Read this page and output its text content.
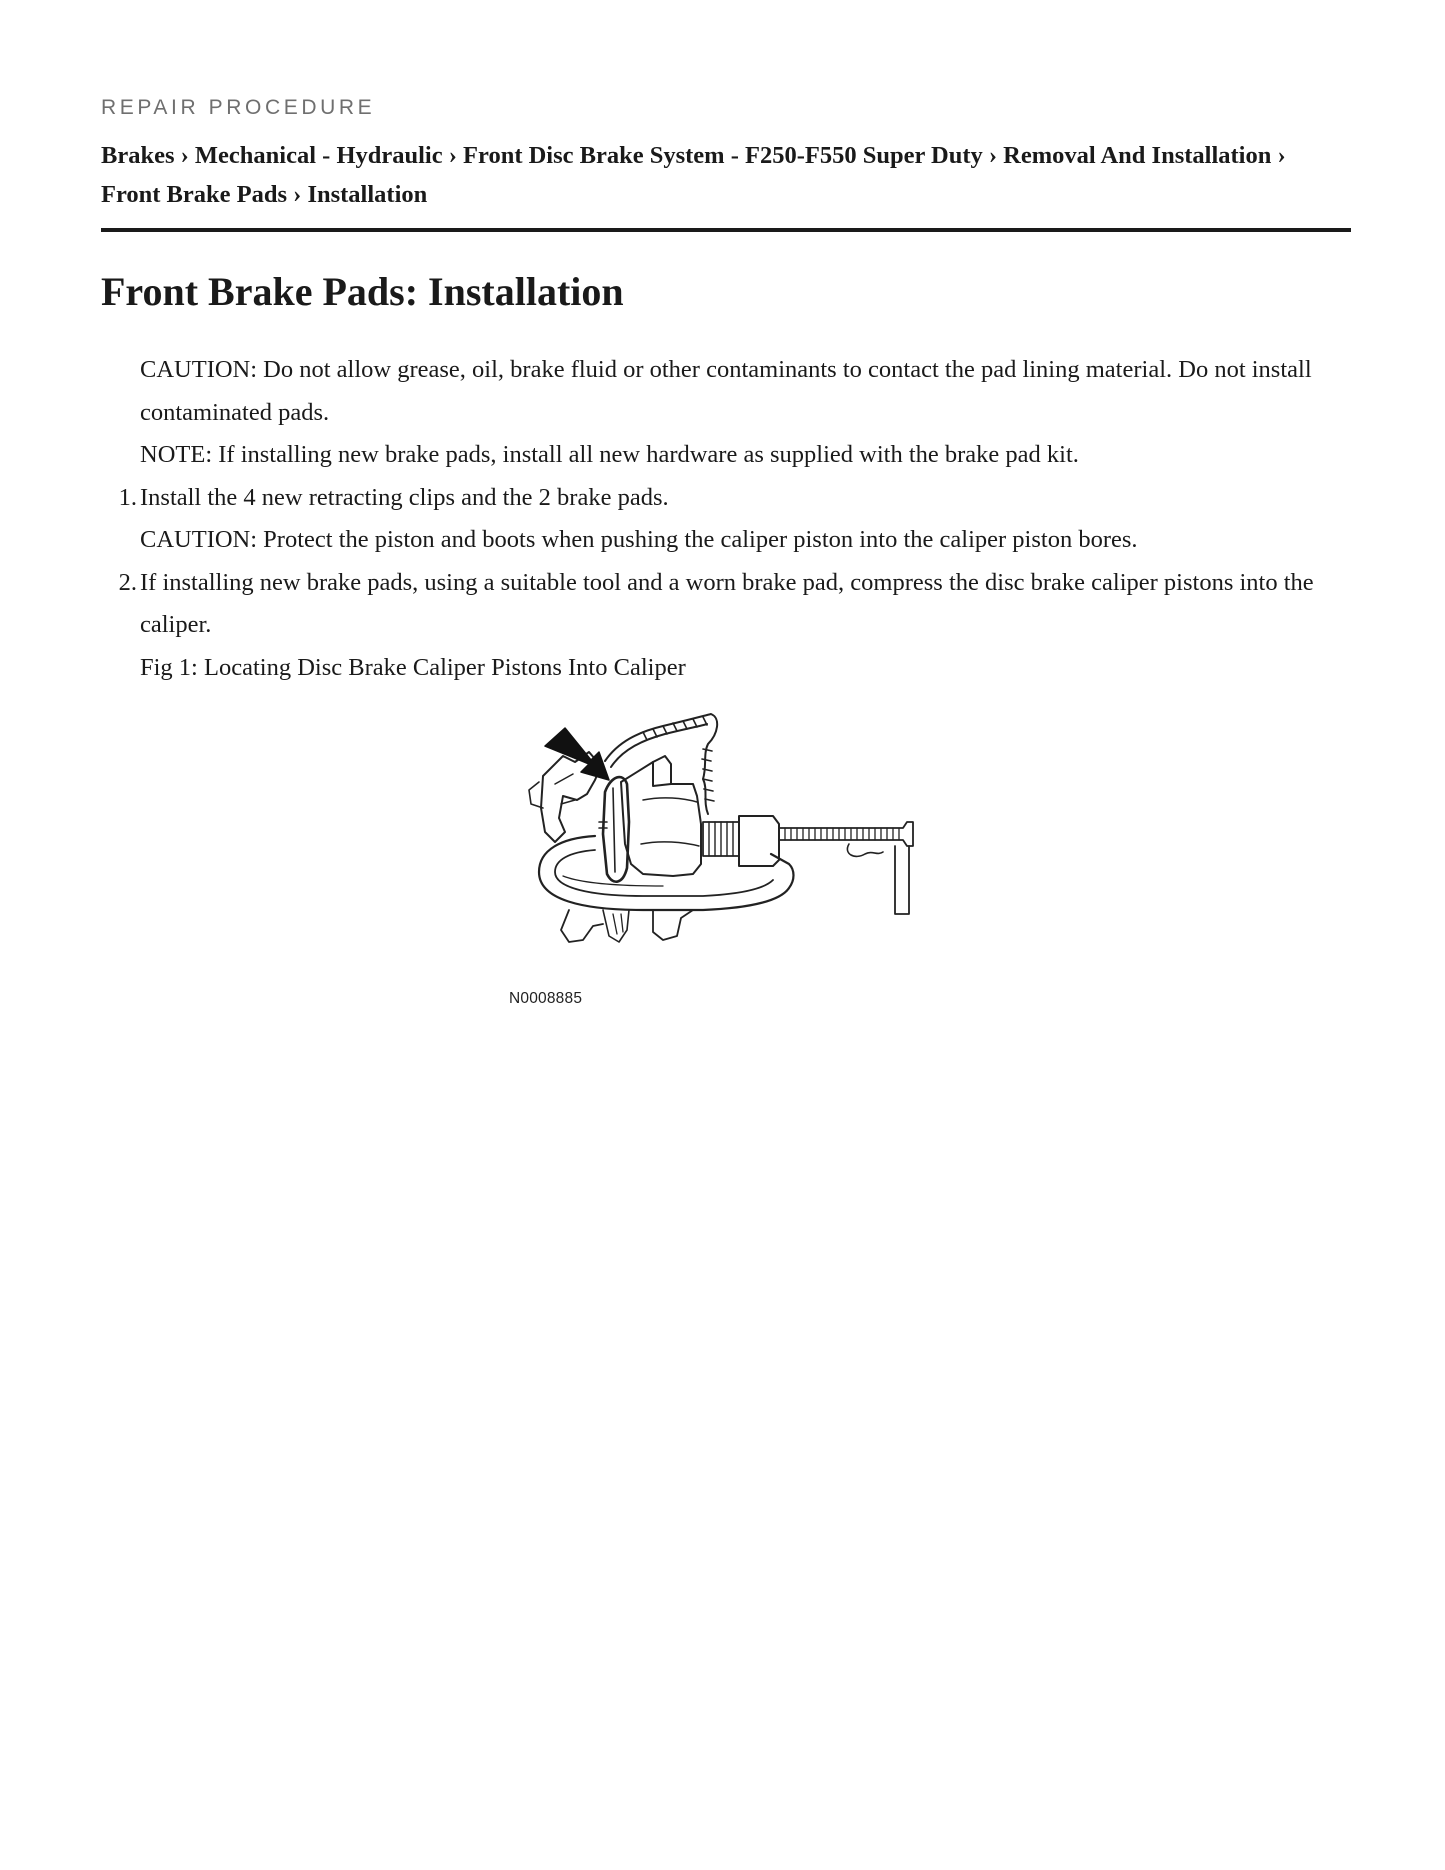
REPAIR PROCEDURE
Brakes › Mechanical - Hydraulic › Front Disc Brake System - F250-F550 Super Duty › Removal And Installation › Front Brake Pads › Installation
Front Brake Pads: Installation
CAUTION: Do not allow grease, oil, brake fluid or other contaminants to contact the pad lining material. Do not install contaminated pads.
NOTE: If installing new brake pads, install all new hardware as supplied with the brake pad kit.
1. Install the 4 new retracting clips and the 2 brake pads.
CAUTION: Protect the piston and boots when pushing the caliper piston into the caliper piston bores.
2. If installing new brake pads, using a suitable tool and a worn brake pad, compress the disc brake caliper pistons into the caliper.
Fig 1: Locating Disc Brake Caliper Pistons Into Caliper
N0008885
